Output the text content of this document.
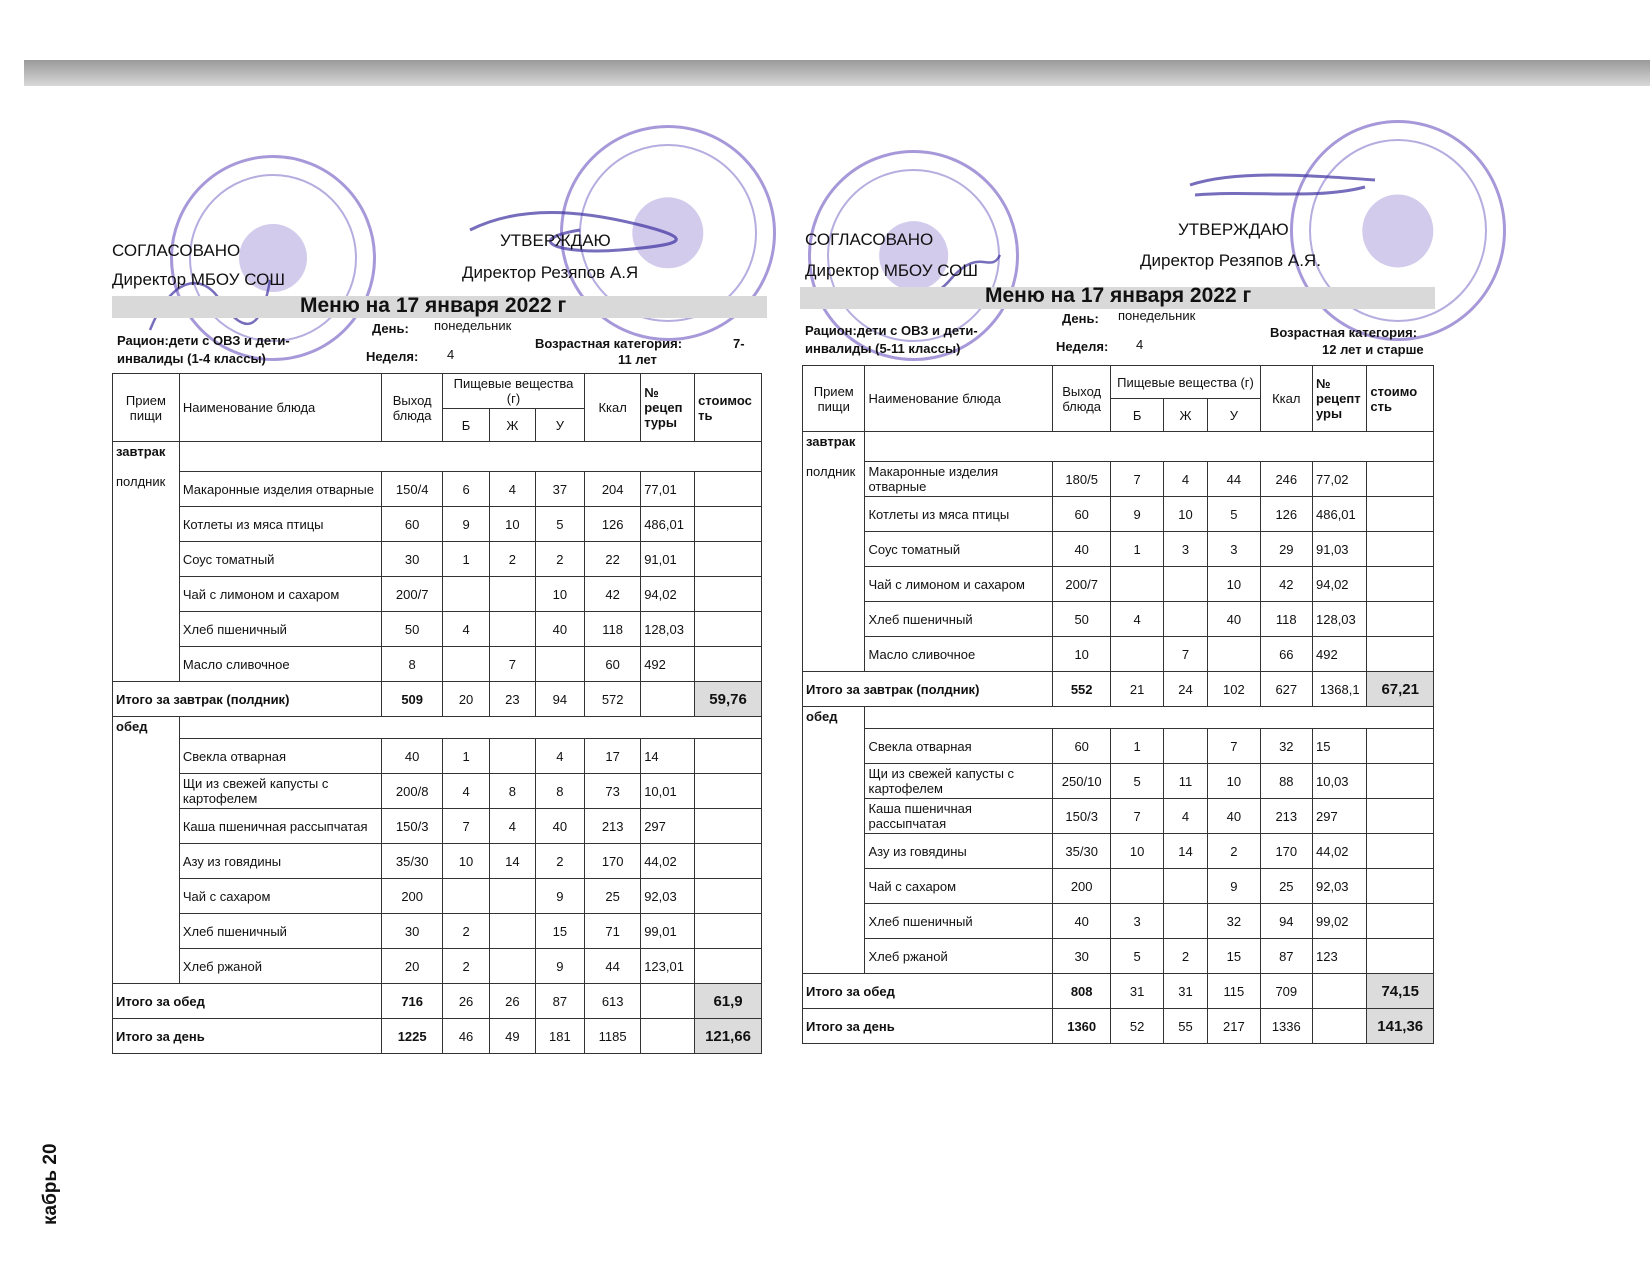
кабрь 20
СОГЛАСОВАНО
Директор МБОУ СОШ
УТВЕРЖДАЮ
Директор Резяпов А.Я
Меню на 17 января 2022 г
Рацион:дети с ОВЗ и дети-
инвалиды (1-4 классы)
День: понедельник
Неделя: 4
Возрастная категория:	7-
11 лет
Прием пищи	Наименование блюда	Выход блюда	Пищевые вещества (г)			Ккал	№ рецеп туры	стоимос ть
			Б	Ж	У			

завтрак								

полдник	Макаронные изделия отварные	150/4	6	4	37	204	77,01	
	Котлеты из мяса птицы	60	9	10	5	126	486,01	
	Соус томатный	30	1	2	2	22	91,01	
	Чай с лимоном и сахаром	200/7			10	42	94,02	
	Хлеб пшеничный	50	4		40	118	128,03	
	Масло сливочное	8		7		60	492	
Итого за завтрак (полдник)		509	20	23	94	572		59,76

обед								

	Свекла отварная	40	1		4	17	14	
	Щи из свежей капусты с картофелем	200/8	4	8	8	73	10,01	
	Каша пшеничная рассыпчатая	150/3	7	4	40	213	297	
	Азу из говядины	35/30	10	14	2	170	44,02	
	Чай с сахаром	200			9	25	92,03	
	Хлеб пшеничный	30	2		15	71	99,01	
	Хлеб ржаной	20	2		9	44	123,01	
Итого за обед		716	26	26	87	613		61,9
Итого за день		1225	46	49	181	1185		121,66
СОГЛАСОВАНО
Директор МБОУ СОШ
УТВЕРЖДАЮ
Директор Резяпов А.Я.
Меню на 17 января 2022 г
Рацион:дети с ОВЗ и дети-
инвалиды (5-11 классы)
День: понедельник
Неделя: 4
Возрастная категория:
12 лет и старше
Прием пищи	Наименование блюда	Выход блюда	Пищевые вещества (г)			Ккал	№ рецепт уры	стоимо сть
			Б	Ж	У			

завтрак								

полдник	Макаронные изделия отварные	180/5	7	4	44	246	77,02	
	Котлеты из мяса птицы	60	9	10	5	126	486,01	
	Соус томатный	40	1	3	3	29	91,03	
	Чай с лимоном и сахаром	200/7			10	42	94,02	
	Хлеб пшеничный	50	4		40	118	128,03	
	Масло сливочное	10		7		66	492	
Итого за завтрак (полдник)		552	21	24	102	627	1368,1	67,21

обед								

	Свекла отварная	60	1		7	32	15	
	Щи из свежей капусты с картофелем	250/10	5	11	10	88	10,03	
	Каша пшеничная рассыпчатая	150/3	7	4	40	213	297	
	Азу из говядины	35/30	10	14	2	170	44,02	
	Чай с сахаром	200			9	25	92,03	
	Хлеб пшеничный	40	3		32	94	99,02	
	Хлеб ржаной	30	5	2	15	87	123	
Итого за обед		808	31	31	115	709		74,15
Итого за день		1360	52	55	217	1336		141,36
